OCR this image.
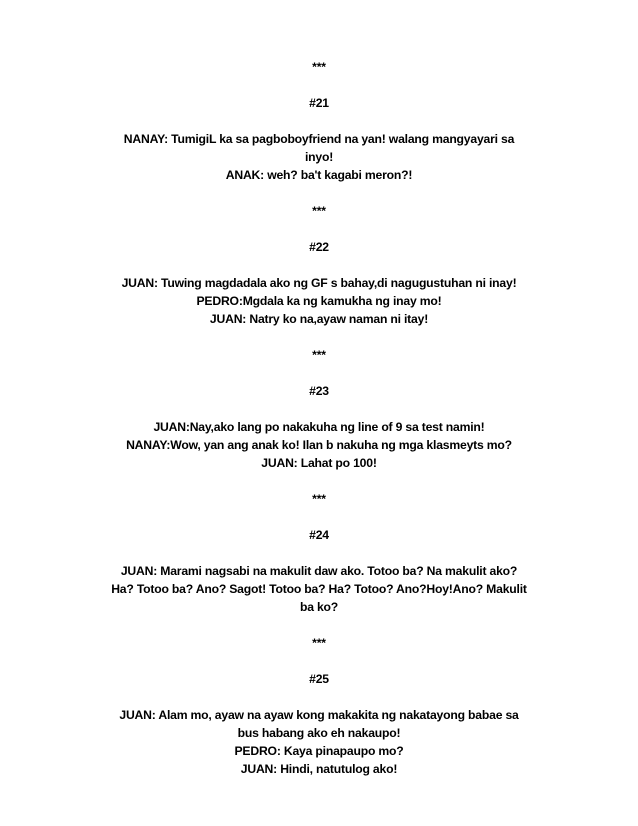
***

#21

NANAY: TumigiL ka sa pagboboyfriend na yan! walang mangyayari sa inyo!

ANAK: weh? ba't kagabi meron?!

***

#22

JUAN: Tuwing magdadala ako ng GF s bahay,di nagugustuhan ni inay!

PEDRO:Mgdala ka ng kamukha ng inay mo!

JUAN: Natry ko na,ayaw naman ni itay!

***

#23

JUAN:Nay,ako lang po nakakuha ng line of 9 sa test namin!

NANAY:Wow, yan ang anak ko! Ilan b nakuha ng mga klasmeyts mo?

JUAN: Lahat po 100!

***

#24

JUAN: Marami nagsabi na makulit daw ako. Totoo ba? Na makulit ako? Ha? Totoo ba? Ano? Sagot! Totoo ba? Ha? Totoo? Ano?Hoy!Ano? Makulit ba ko?

***

#25

JUAN: Alam mo, ayaw na ayaw kong makakita ng nakatayong babae sa bus habang ako eh nakaupo!

PEDRO: Kaya pinapaupo mo?

JUAN: Hindi, natutulog ako!
